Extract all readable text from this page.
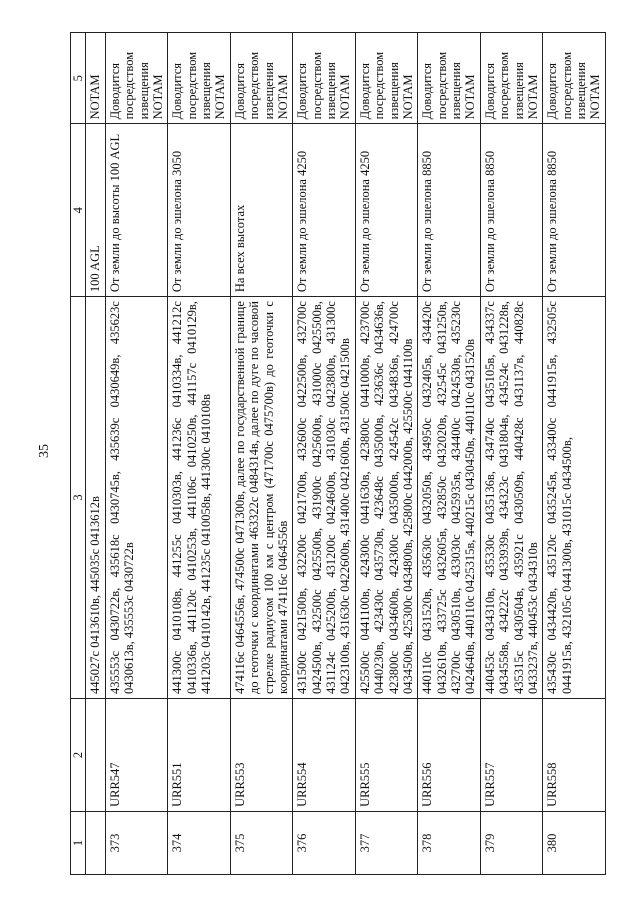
35
1	2	3	4	5
		445027с 0413610в, 445035с 0413612в	100 AGL	NOTAM
373	URR547	435553с 0430722в, 435618с 0430745в, 435639с 0430649в, 435623с 0430613в, 435553с 0430722в	От земли до высоты 100 AGL	Доводится посредством извещения NOTAM
374	URR551	441300с 0410108в, 441255с 0410303в, 441236с 0410334в, 441212с 0410336в, 441120с 0410253в, 441106с 0410250в, 441157с 0410129в, 441203с 0410142в, 441235с 0410058в, 441300с 0410108в	От земли до эшелона 3050	Доводится посредством извещения NOTAM
375	URR553	474116с 0464556в, 474500с 0471300в, далее по государственной границе до геоточки с координатами 463322с 0484314в, далее по дуге по часовой стрелке радиусом 100 км с центром (471700с 0475700в) до геоточки с координатами 474116с 0464556в	На всех высотах	Доводится посредством извещения NOTAM
376	URR554	431500с 0421500в, 432200с 0421700в, 432600с 0422500в, 432700с 0424500в, 432500с 0425500в, 431900с 0425600в, 431000с 0425500в, 431124с 0425200в, 431200с 0424600в, 431030с 0423800в, 431300с 0423100в, 431630с 0422600в, 431400с 0421600в, 431500с 0421500в	От земли до эшелона 4250	Доводится посредством извещения NOTAM
377	URR555	425500с 0441100в, 424300с 0441630в, 423800с 0441000в, 423700с 0440230в, 423430с 0435730в, 423648с 0435000в, 423636с 0434636в, 423800с 0434600в, 424300с 0435000в, 424542с 0434836в, 424700с 0434500в, 425300с 0434800в, 425800с 0442000в, 425500с 0441100в	От земли до эшелона 4250	Доводится посредством извещения NOTAM
378	URR556	440110с 0431520в, 435630с 0432050в, 434950с 0432405в, 434420с 0432610в, 433725с 0432605в, 432850с 0432020в, 432545с 0431250в, 432700с 0430510в, 433030с 0425935в, 434400с 0424530в, 435230с 0424640в, 440110с 0425315в, 440215с 0430450в, 440110с 0431520в	От земли до эшелона 8850	Доводится посредством извещения NOTAM
379	URR557	440453с 0434310в, 435330с 0435136в, 434740с 0435105в, 434337с 0434558в, 434222с 0433939в, 434323с 0431804в, 434524с 0431228в, 435315с 0430504в, 435921с 0430509в, 440428с 0431137в, 440828с 0433237в, 440453с 0434310в	От земли до эшелона 8850	Доводится посредством извещения NOTAM
380	URR558	435430с 0434420в, 435120с 0435245в, 433400с 0441915в, 432505с 0441915в, 432105с 0441300в, 431015с 0434500в,	От земли до эшелона 8850	Доводится посредством извещения NOTAM
